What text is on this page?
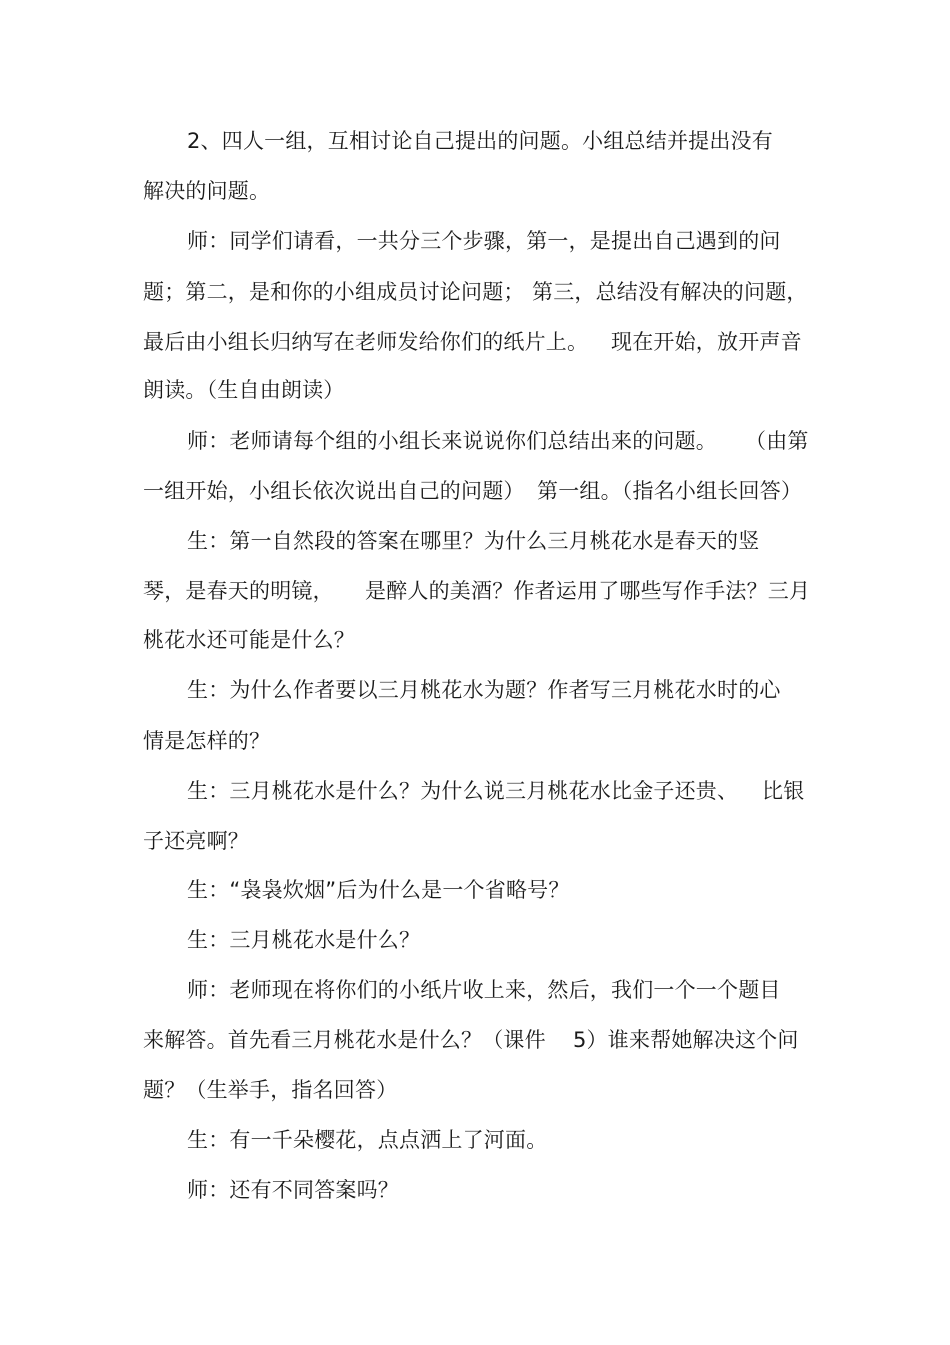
2、四人一组，互相讨论自己提出的问题。小组总结并提出没有
解决的问题。
师：同学们请看，一共分三个步骤，第一，是提出自己遇到的问
题；第二，是和你的小组成员讨论问题； 第三，总结没有解决的问题，
最后由小组长归纳写在老师发给你们的纸片上。 现在开始，放开声音
朗读。（生自由朗读）
师：老师请每个组的小组长来说说你们总结出来的问题。 （由第
一组开始，小组长依次说出自己的问题） 第一组。（指名小组长回答）
生：第一自然段的答案在哪里？为什么三月桃花水是春天的竖
琴，是春天的明镜， 是醉人的美酒？作者运用了哪些写作手法？三月
桃花水还可能是什么？
生：为什么作者要以三月桃花水为题？作者写三月桃花水时的心
情是怎样的？
生：三月桃花水是什么？为什么说三月桃花水比金子还贵、 比银
子还亮啊？
生：“袅袅炊烟”后为什么是一个省略号？
生：三月桃花水是什么？
师：老师现在将你们的小纸片收上来，然后，我们一个一个题目
来解答。首先看三月桃花水是什么？（课件 5）谁来帮她解决这个问
题？（生举手，指名回答）
生：有一千朵樱花，点点洒上了河面。
师：还有不同答案吗？
